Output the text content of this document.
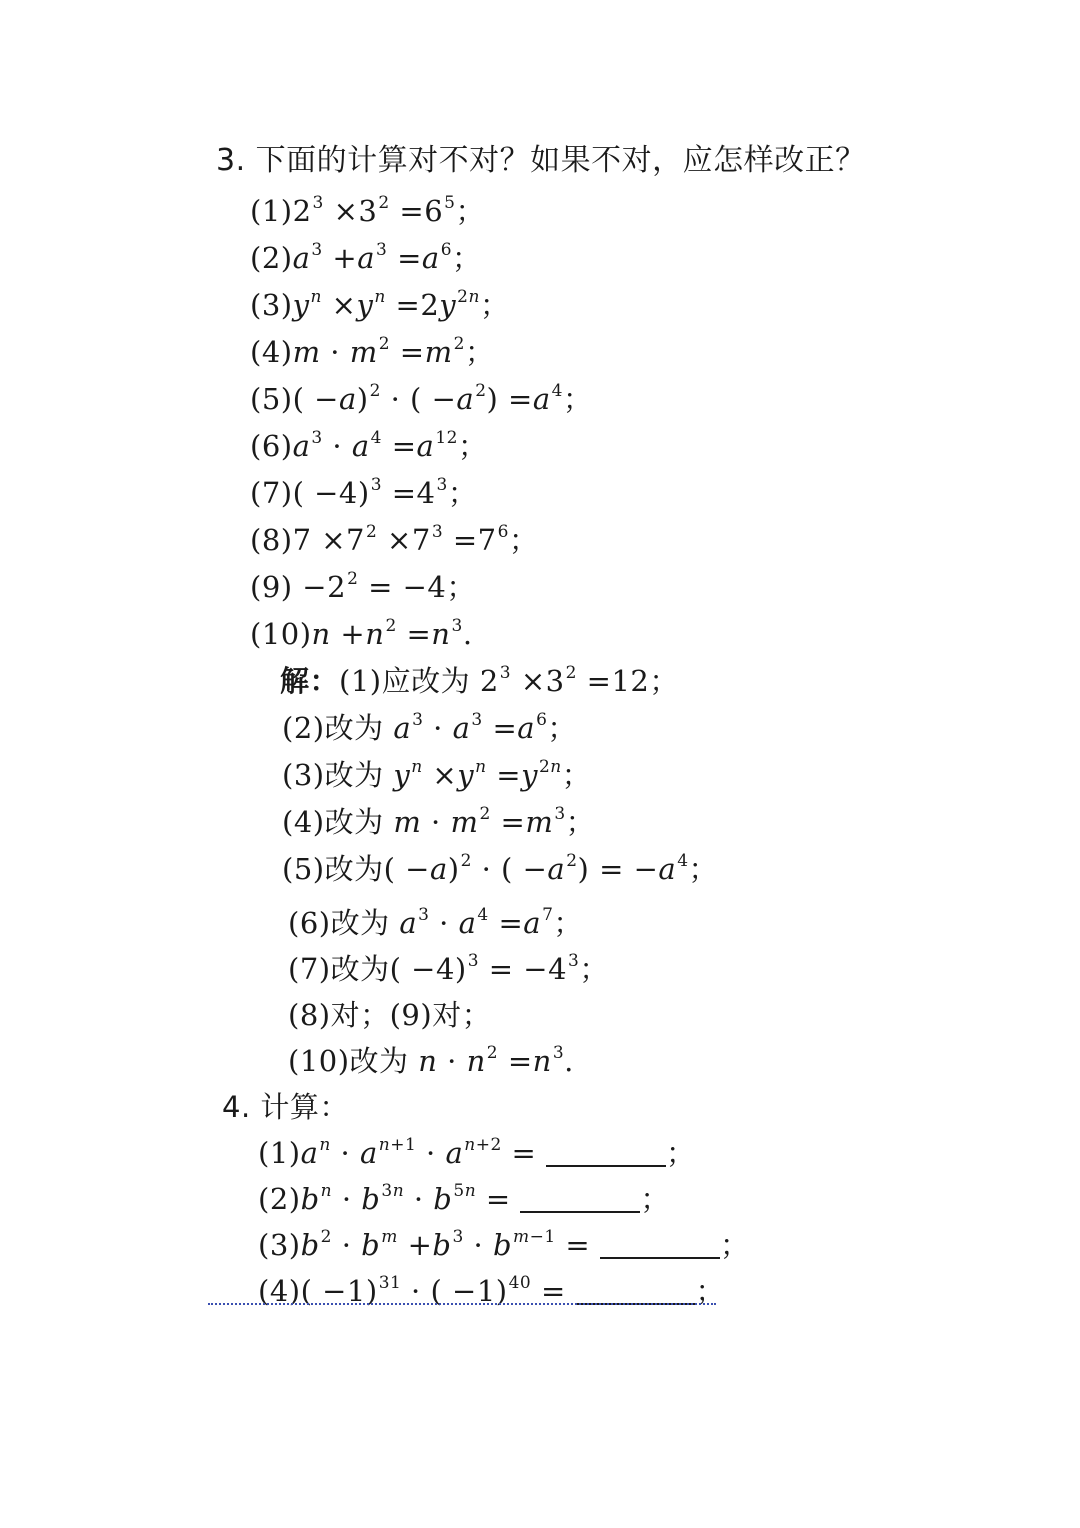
3. 下面的计算对不对？如果不对，应怎样改正？
$(1)2^3 \times 3^2 =6^5$；
$(2)a^3 +a^3 =a^6$；
$(3)y^n \times y^n =2y^{2n}$；
$(4)m \cdot m^2 =m^2$；
$(5)( -a)^2$ · ( $-a^2) =a^4$；
$(6)a^3 \cdot a^4 =a^{12}$；
$(7)( -4)^3 =4^3$；
$(8)7 \times 7^2 \times 7^3 =7^6$；
$(9) -2^2 = -4$；
$(10)n +n^2 =n^3$.
解：(1)应改为 $2^3 \times 3^2 =12$；
(2)改为 $a^3 \cdot a^3 =a^6$；
(3)改为 $y^n \times y^n =y^{2n}$；
(4)改为 $m \cdot m^2 =m^3$；
(5)改为( −a)$^2$ · ( $-a^2) = -a^4$；
(6)改为 $a^3 \cdot a^4 =a^7$；
(7)改为( $-4)^3 = -4^3$；
(8)对；(9)对；
(10)改为 $n \cdot n^2 =n^3$.
4. 计算：
$(1)a^n \cdot a^{n+1} \cdot a^{n+2}$ =	；
$(2)b^n \cdot b^{3n} \cdot b^{5n}$ =	；
$(3)b^2 \cdot b^m +b^3 \cdot b^{m-1}$ =	；
$(4)( -1)^{31}$ · ( −1)$^{40}$ =	；
